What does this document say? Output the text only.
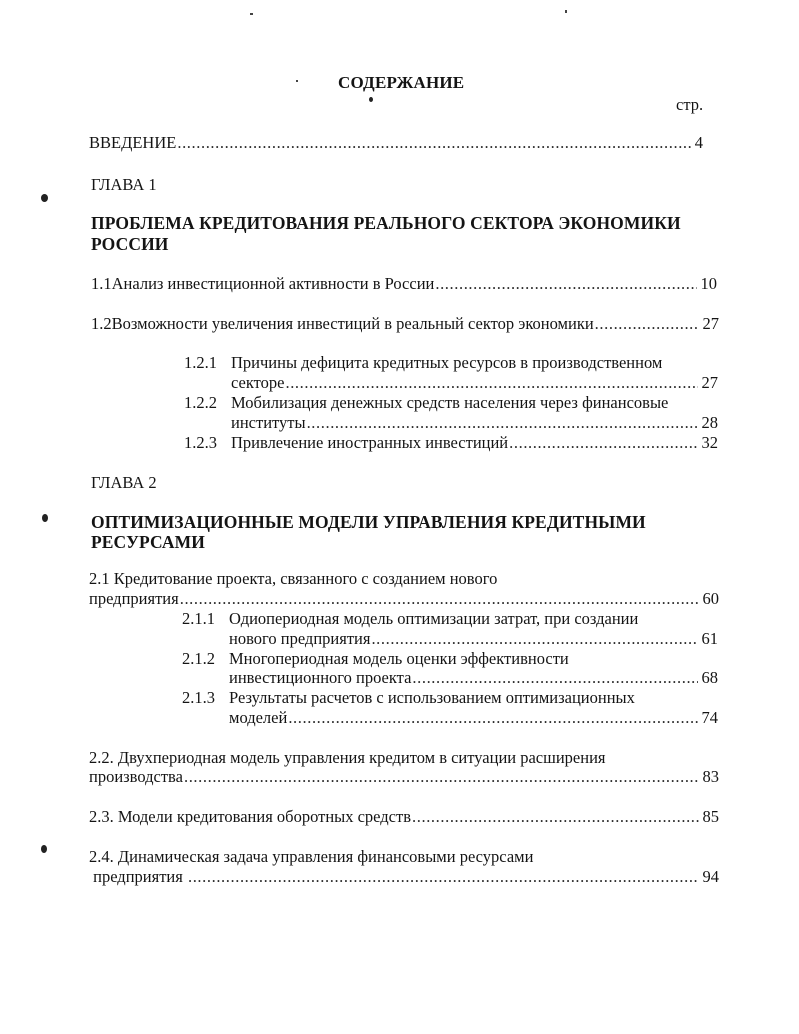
СОДЕРЖАНИЕ
стр.
ВВЕДЕНИЕ .....	4
ГЛАВА 1
ПРОБЛЕМА КРЕДИТОВАНИЯ РЕАЛЬНОГО СЕКТОРА ЭКОНОМИКИ
РОССИИ
1.1Анализ инвестиционной активности в России .....	10
1.2Возможности увеличения инвестиций в реальный сектор экономики .....	27
1.2.1 Причины дефицита кредитных ресурсов в производственном
секторе .....	27
1.2.2 Мобилизация денежных средств населения через финансовые
институты .....	28
1.2.3 Привлечение иностранных инвестиций .....	32
ГЛАВА 2
ОПТИМИЗАЦИОННЫЕ МОДЕЛИ УПРАВЛЕНИЯ КРЕДИТНЫМИ
РЕСУРСАМИ
2.1 Кредитование проекта, связанного с созданием нового
предприятия .....	60
2.1.1 Одиопериодная модель оптимизации затрат, при создании
нового предприятия .....	61
2.1.2 Многопериодная модель оценки эффективности
инвестиционного проекта .....	68
2.1.3 Результаты расчетов с использованием оптимизационных
моделей .....	74
2.2. Двухпериодная модель управления кредитом в ситуации расширения
производства .....	83
2.3. Модели кредитования оборотных средств .....	85
2.4. Динамическая задача управления финансовыми ресурсами
предприятия .....	94
